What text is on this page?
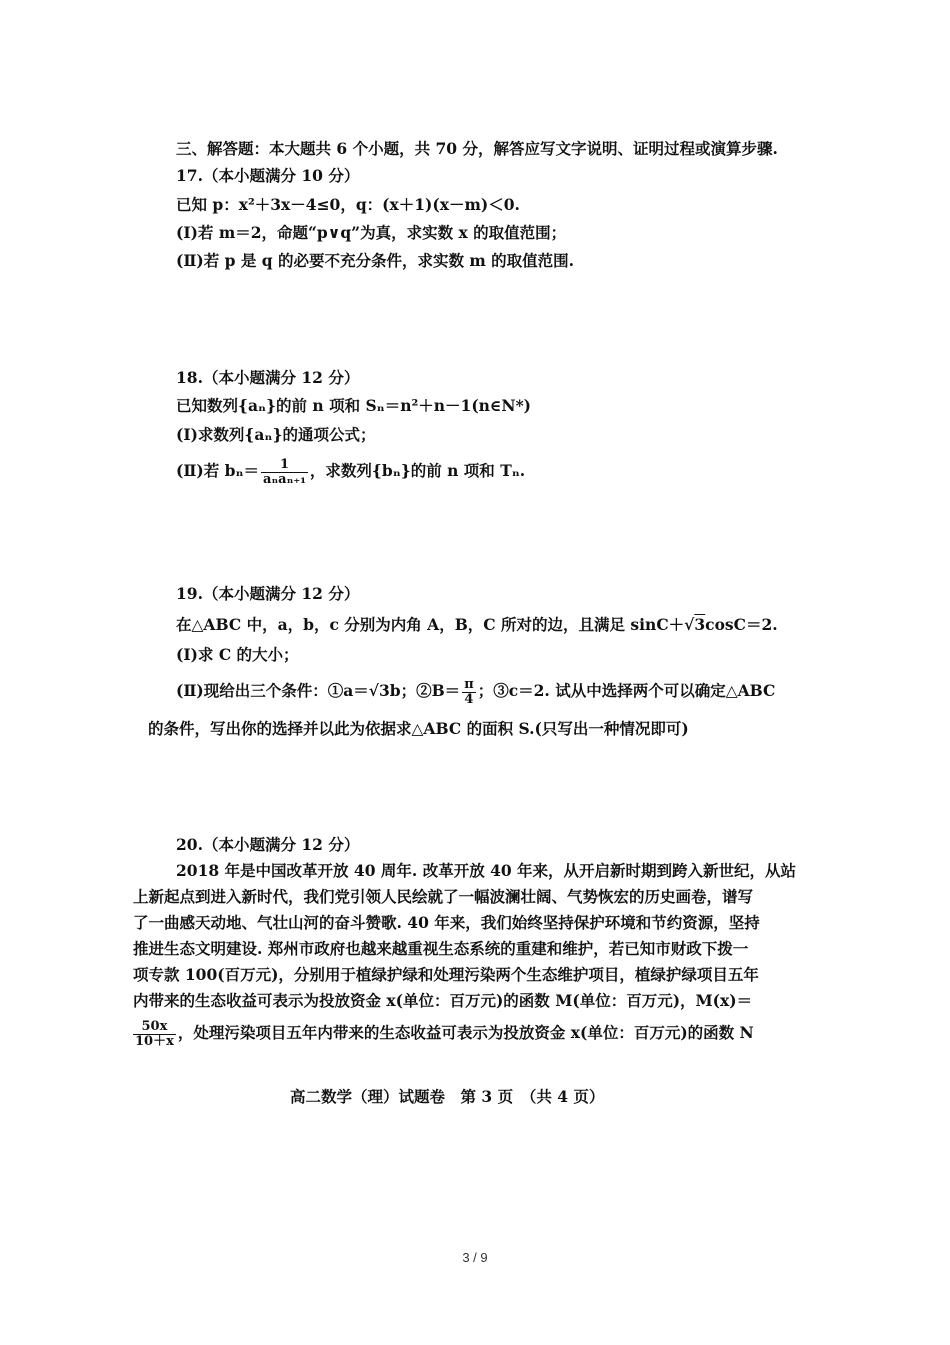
三、解答题：本大题共 6 个小题，共 70 分，解答应写文字说明、证明过程或演算步骤.
17.（本小题满分 10 分）
已知 p：x²＋3x－4≤0，q：(x＋1)(x－m)＜0.
(Ⅰ)若 m＝2，命题“p∨q”为真，求实数 x 的取值范围；
(Ⅱ)若 p 是 q 的必要不充分条件，求实数 m 的取值范围.
18.（本小题满分 12 分）
已知数列{aₙ}的前 n 项和 Sₙ＝n²＋n－1(n∈N*)
(Ⅰ)求数列{aₙ}的通项公式；
(Ⅱ)若 $b_n= \frac{1}{\text{aₙaₙ₊₁}}$ ，求数列{bₙ}的前 n 项和 Tₙ.
19.（本小题满分 12 分）
在△ABC 中，a，b，c 分别为内角 A，B，C 所对的边，且满足 sinC＋√3cosC＝2.
(Ⅰ)求 C 的大小；
(Ⅱ)现给出三个条件：①a＝√3b；②B＝ $\frac{\pi}{4}$ ；③c＝2. 试从中选择两个可以确定△ABC
的条件，写出你的选择并以此为依据求△ABC 的面积 S.(只写出一种情况即可)
20.（本小题满分 12 分）
2018 年是中国改革开放 40 周年. 改革开放 40 年来，从开启新时期到跨入新世纪，从站
上新起点到进入新时代，我们党引领人民绘就了一幅波澜壮阔、气势恢宏的历史画卷，谱写
了一曲感天动地、气壮山河的奋斗赞歌. 40 年来，我们始终坚持保护环境和节约资源，坚持
推进生态文明建设. 郑州市政府也越来越重视生态系统的重建和维护，若已知市财政下拨一
项专款 100(百万元)，分别用于植绿护绿和处理污染两个生态维护项目，植绿护绿项目五年
内带来的生态收益可表示为投放资金 x(单位：百万元)的函数 M(单位：百万元)，M(x)＝
$\frac{50x}{10+x}$ ，处理污染项目五年内带来的生态收益可表示为投放资金 x(单位：百万元)的函数 N
高二数学（理）试题卷　第 3 页　（共 4 页）
3 / 9
